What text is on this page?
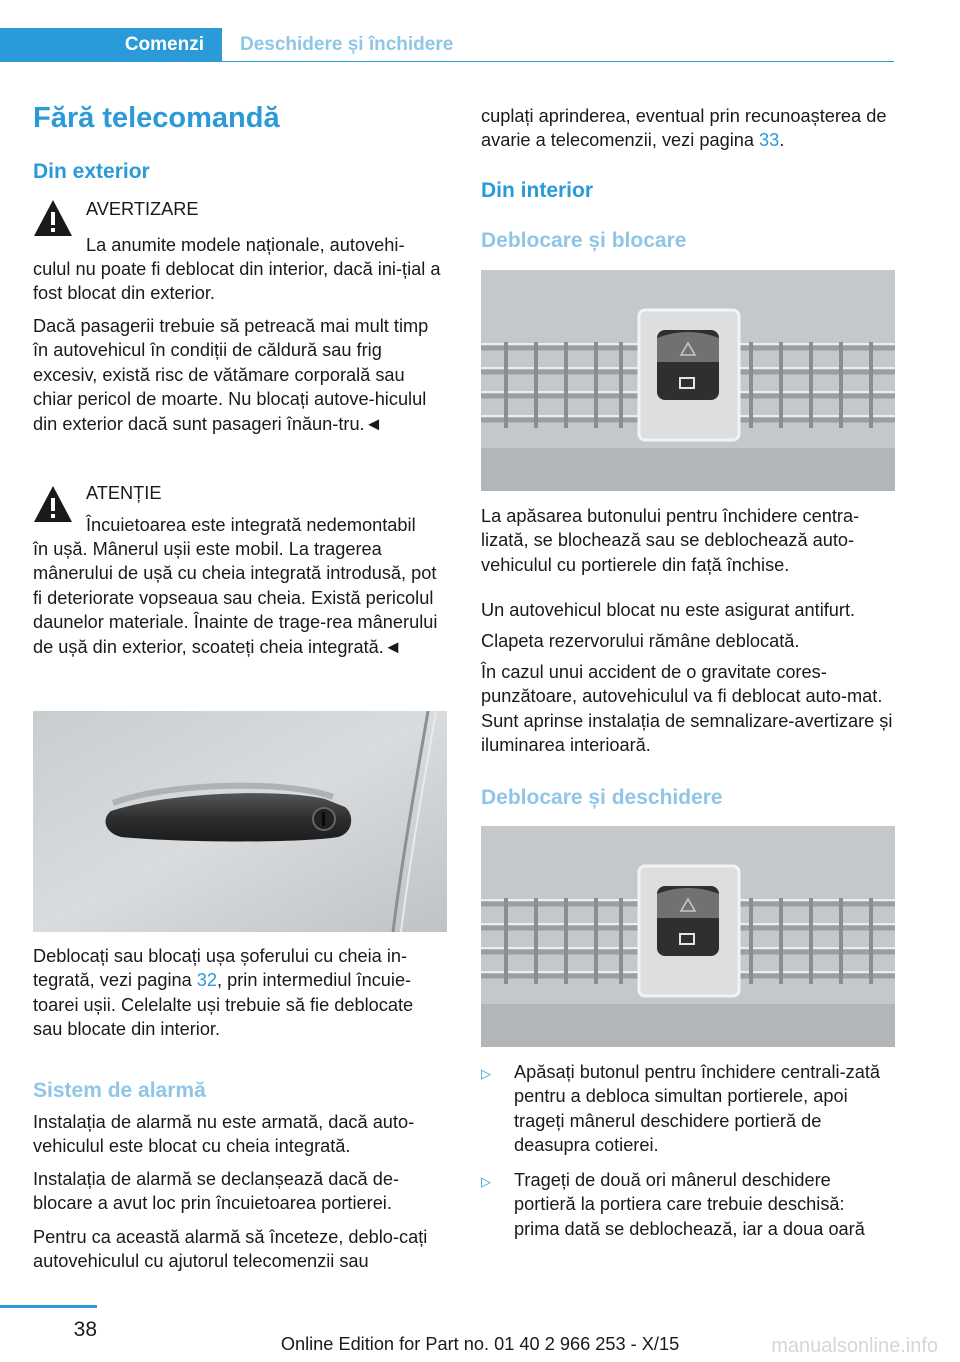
Comenzi	Deschidere și închidere
Fără telecomandă
Din exterior

AVERTIZARE

La anumite modele naționale, autovehi-

culul nu poate fi deblocat din interior, dacă ini-țial a fost blocat din exterior.

Dacă pasagerii trebuie să petreacă mai mult timp în autovehicul în condiții de căldură sau frig excesiv, există risc de vătămare corporală sau chiar pericol de moarte. Nu blocați autove-hiculul din exterior dacă sunt pasageri înăun-tru.◄

ATENȚIE

Încuietoarea este integrată nedemontabil

în ușă. Mânerul ușii este mobil. La tragerea mânerului de ușă cu cheia integrată introdusă, pot fi deteriorate vopseaua sau cheia. Există pericolul daunelor materiale. Înainte de trage-rea mânerului de ușă din exterior, scoateți cheia integrată.◄

Deblocați sau blocați ușa șoferului cu cheia in-tegrată, vezi pagina 32, prin intermediul încuie-toarei ușii. Celelalte uși trebuie să fie deblocate sau blocate din interior.

Sistem de alarmă

Instalația de alarmă nu este armată, dacă auto-vehiculul este blocat cu cheia integrată.

Instalația de alarmă se declanșează dacă de-blocare a avut loc prin încuietoarea portierei.

Pentru ca această alarmă să înceteze, deblo-cați autovehiculul cu ajutorul telecomenzii sau

cuplați aprinderea, eventual prin recunoașterea de avarie a telecomenzii, vezi pagina 33.

Din interior
Deblocare și blocare

La apăsarea butonului pentru închidere centra-lizată, se blochează sau se deblochează auto-vehiculul cu portierele din față închise.

Un autovehicul blocat nu este asigurat antifurt.

Clapeta rezervorului rămâne deblocată.

În cazul unui accident de o gravitate cores-punzătoare, autovehiculul va fi deblocat auto-mat. Sunt aprinse instalația de semnalizare-avertizare și iluminarea interioară.

Deblocare și deschidere
▷ Apăsați butonul pentru închidere centrali-zată pentru a debloca simultan portierele, apoi trageți mânerul deschidere portieră de deasupra cotierei.

▷ Trageți de două ori mânerul deschidere portieră la portiera care trebuie deschisă: prima dată se deblochează, iar a doua oară

38
Online Edition for Part no. 01 40 2 966 253 - X/15	manualsonline.info
